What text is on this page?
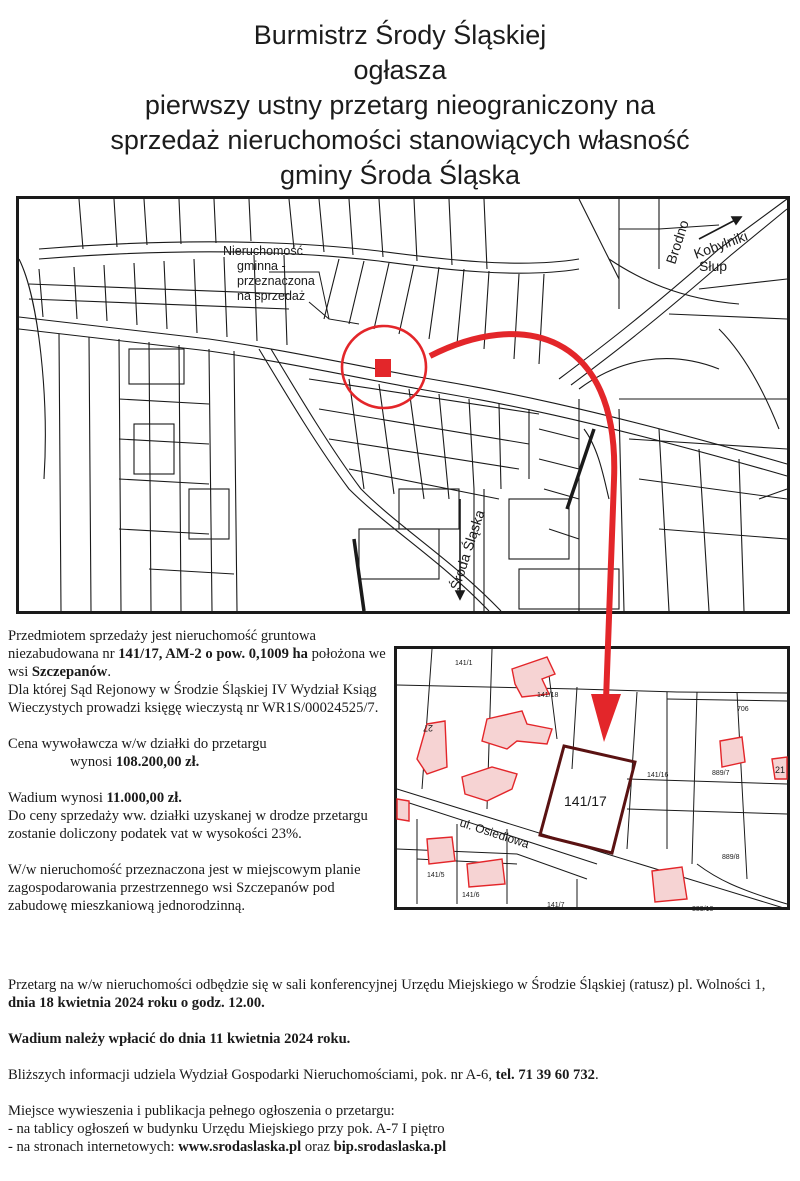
Burmistrz Środy Śląskiej
ogłasza
pierwszy ustny przetarg nieograniczony na
sprzedaż nieruchomości stanowiących własność
gminy Środa Śląska
Nieruchomość
gminna -
przeznaczona
na sprzedaż
Brodno Kobylniki
Słup
Środa Śląska
141/17
ul. Osiedlowa
141/1
141/18
706
141/16	889/7
889/8
141/5
141/6
141/7
889/10
27
21

Przedmiotem sprzedaży jest nieruchomość gruntowa niezabudowana nr 141/17, AM-2 o pow. 0,1009 ha położona we wsi Szczepanów.
Dla której Sąd Rejonowy w Środzie Śląskiej IV Wydział Ksiąg Wieczystych prowadzi księgę wieczystą nr WR1S/00024525/7.

Cena wywoławcza w/w działki do przetargu
wynosi 108.200,00 zł.

Wadium wynosi 11.000,00 zł.
Do ceny sprzedaży ww. działki uzyskanej w drodze przetargu zostanie doliczony podatek vat w wysokości 23%.

W/w nieruchomość przeznaczona jest w miejscowym planie zagospodarowania przestrzennego wsi Szczepanów pod zabudowę mieszkaniową jednorodzinną.

Przetarg na w/w nieruchomości odbędzie się w sali konferencyjnej Urzędu Miejskiego w Środzie Śląskiej (ratusz) pl. Wolności 1, dnia 18 kwietnia 2024 roku o godz. 12.00.

Wadium należy wpłacić do dnia 11 kwietnia 2024 roku.

Bliższych informacji udziela Wydział Gospodarki Nieruchomościami, pok. nr A-6, tel. 71 39 60 732.

Miejsce wywieszenia i publikacja pełnego ogłoszenia o przetargu:
- na tablicy ogłoszeń w budynku Urzędu Miejskiego przy pok. A-7 I piętro
- na stronach internetowych: www.srodaslaska.pl oraz bip.srodaslaska.pl
